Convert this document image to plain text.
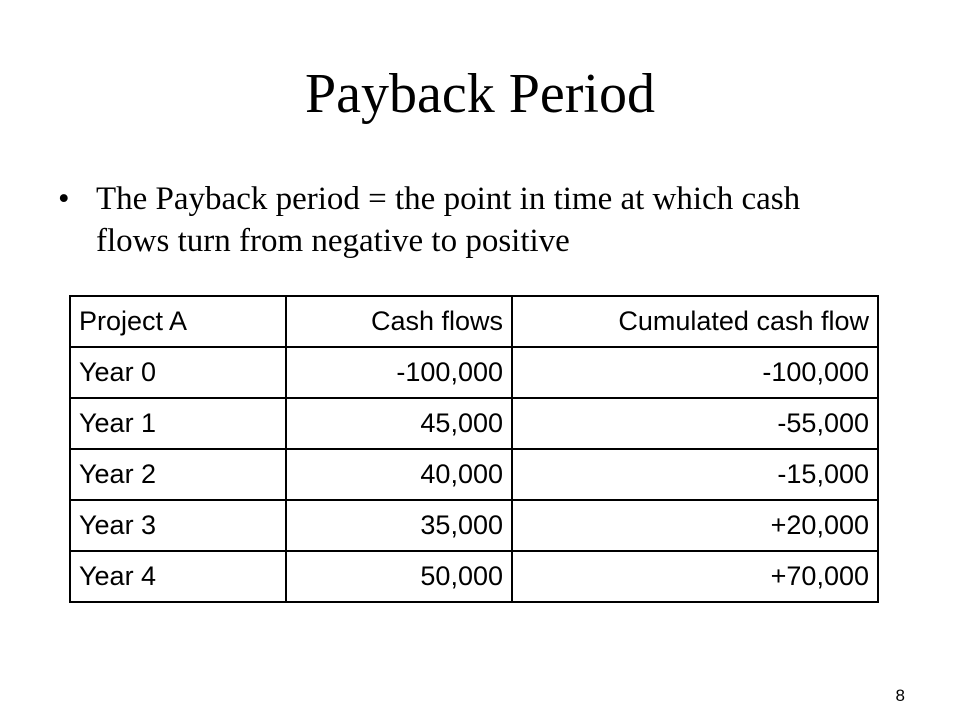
Payback Period
• The Payback period = the point in time at which cash flows turn from negative to positive
Project A	Cash flows	Cumulated cash flow
Year 0	-100,000	-100,000
Year 1	45,000	-55,000
Year 2	40,000	-15,000
Year 3	35,000	+20,000
Year 4	50,000	+70,000
8
